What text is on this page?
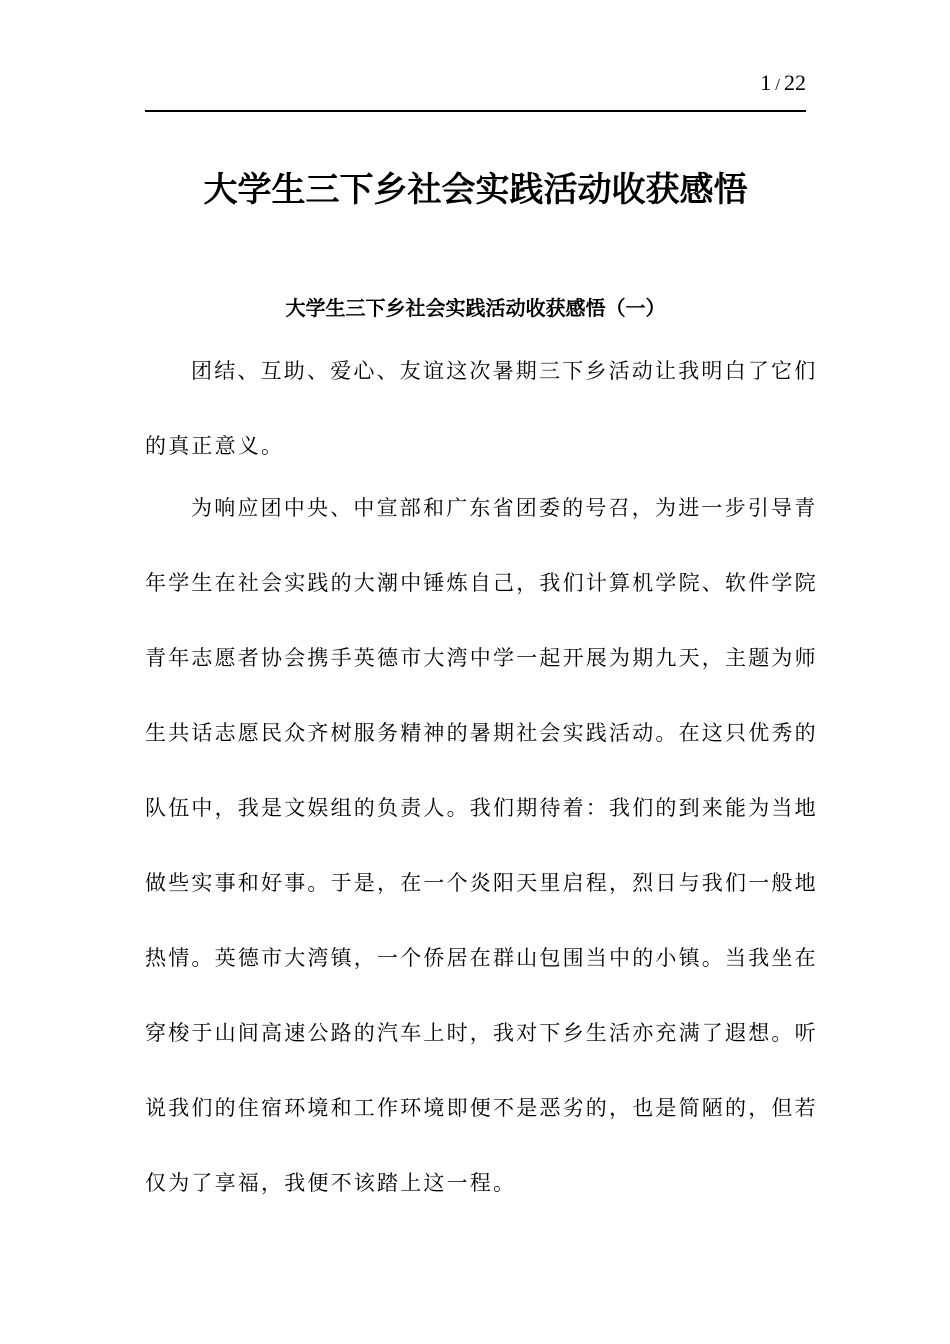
1 / 22
大学生三下乡社会实践活动收获感悟
大学生三下乡社会实践活动收获感悟（一）
团结、互助、爱心、友谊这次暑期三下乡活动让我明白了它们
的真正意义。
为响应团中央、中宣部和广东省团委的号召，为进一步引导青
年学生在社会实践的大潮中锤炼自己，我们计算机学院、软件学院
青年志愿者协会携手英德市大湾中学一起开展为期九天，主题为师
生共话志愿民众齐树服务精神的暑期社会实践活动。在这只优秀的
队伍中，我是文娱组的负责人。我们期待着：我们的到来能为当地
做些实事和好事。于是，在一个炎阳天里启程，烈日与我们一般地
热情。英德市大湾镇，一个侨居在群山包围当中的小镇。当我坐在
穿梭于山间高速公路的汽车上时，我对下乡生活亦充满了遐想。听
说我们的住宿环境和工作环境即便不是恶劣的，也是简陋的，但若
仅为了享福，我便不该踏上这一程。
